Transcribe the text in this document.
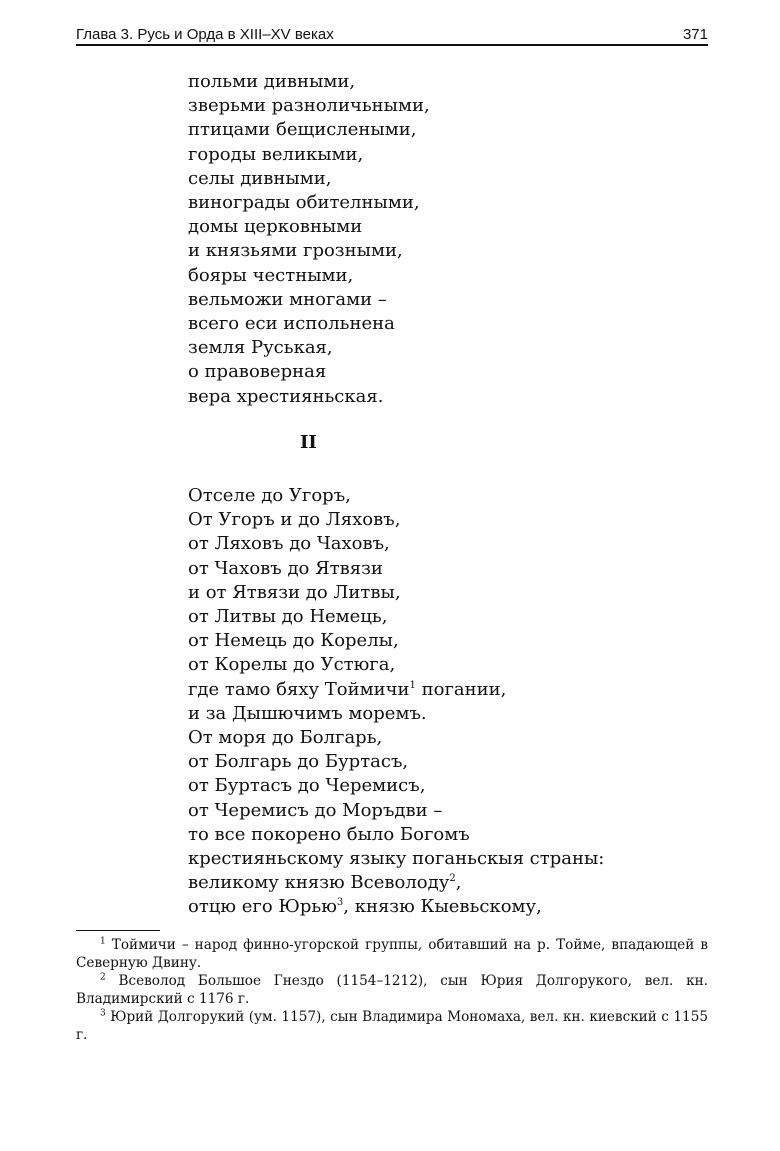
Глава 3. Русь и Орда в XIII–XV веках	371
польми дивными,
зверьми разноличьными,
птицами бещислеными,
городы великыми,
селы дивными,
винограды обителными,
домы церковными
и князьями грозными,
бояры честными,
вельможи многами –
всего еси испольнена
земля Руськая,
о правоверная
вера хрестияньская.
II
Отселе до Угоръ,
От Угоръ и до Ляховъ,
от Ляховъ до Чаховъ,
от Чаховъ до Ятвязи
и от Ятвязи до Литвы,
от Литвы до Немець,
от Немець до Корелы,
от Корелы до Устюга,
где тамо бяху Тоймичи$^1$ погании,
и за Дышючимъ моремъ.
От моря до Болгарь,
от Болгарь до Буртасъ,
от Буртасъ до Черемисъ,
от Черемисъ до Моръдви –
то все покорено было Богомъ
крестияньскому языку поганьскыя страны:
великому князю Всеволоду$^2$,
отцю его Юрью$^3$, князю Кыевьскому,

$^1$ Тоймичи – народ финно-угорской группы, обитавший на р. Тойме, впадающей в Северную Двину.

$^2$ Всеволод Большое Гнездо (1154–1212), сын Юрия Долгорукого, вел. кн. Владимирский с 1176 г.

$^3$ Юрий Долгорукий (ум. 1157), сын Владимира Мономаха, вел. кн. киевский с 1155 г.
